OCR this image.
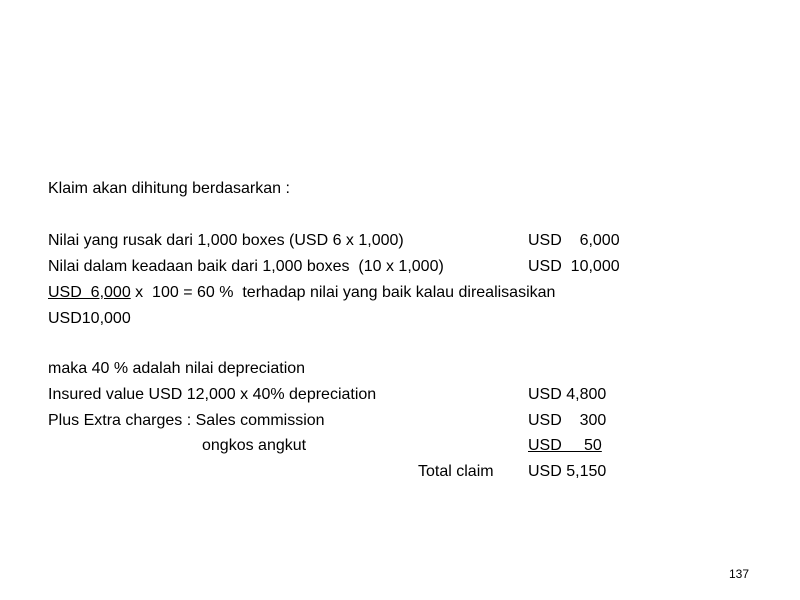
Klaim akan dihitung berdasarkan :
Nilai yang rusak dari 1,000 boxes (USD 6 x 1,000)	USD    6,000
Nilai dalam keadaan baik dari 1,000 boxes  (10 x 1,000)	USD  10,000
USD  6,000 x  100 = 60 %  terhadap nilai yang baik kalau direalisasikan
USD10,000
maka 40 % adalah nilai depreciation
Insured value USD 12,000 x 40% depreciation	USD 4,800
Plus Extra charges : Sales commission	USD    300
ongkos angkut	USD     50
Total claim USD 5,150
137
